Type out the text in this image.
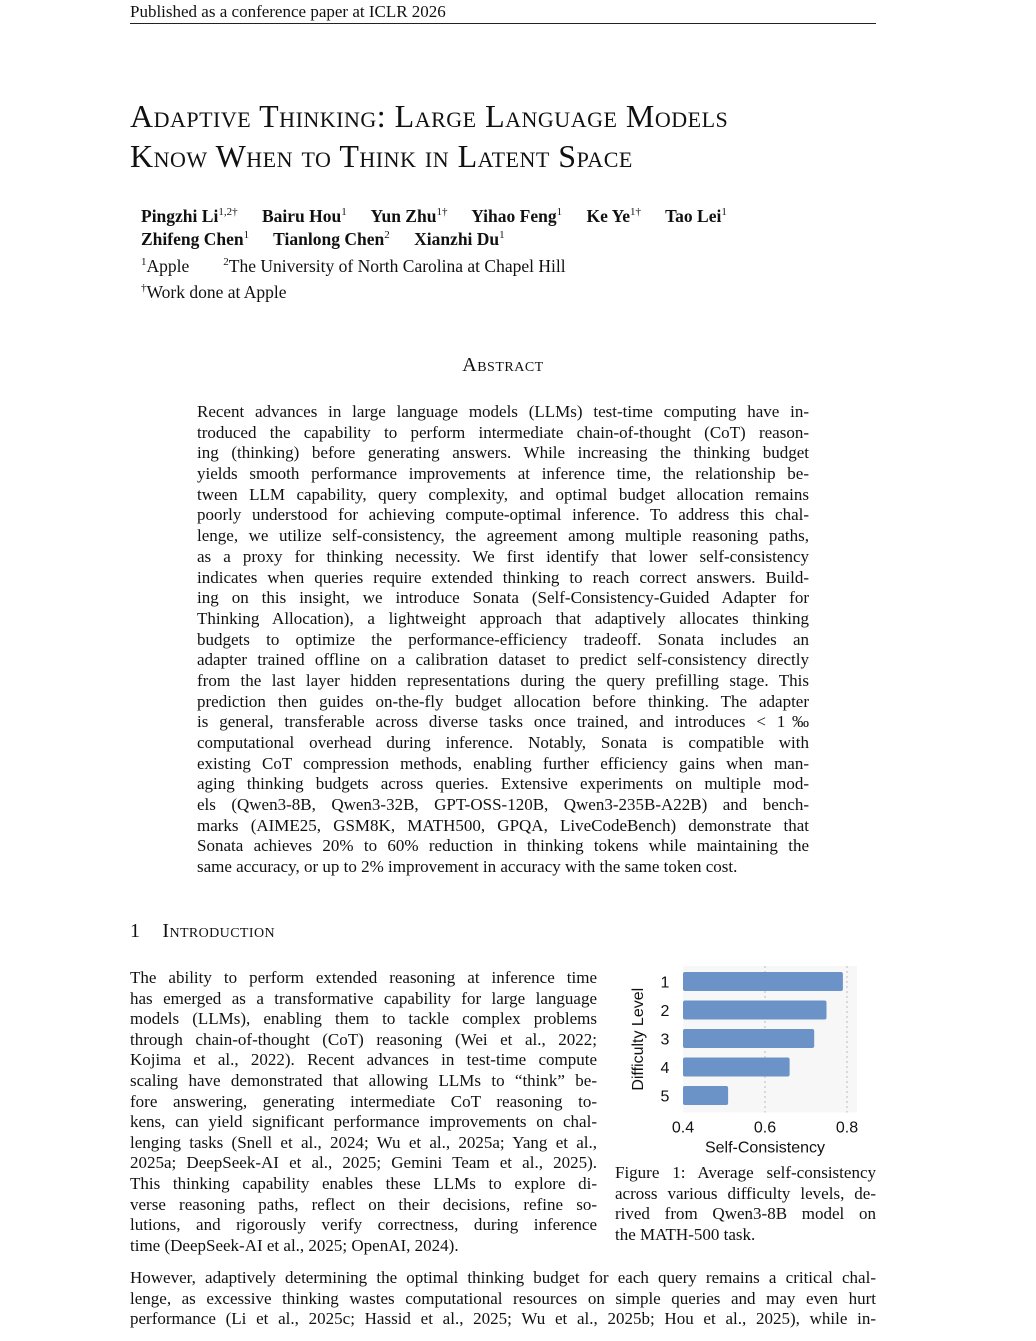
Published as a conference paper at ICLR 2026
Adaptive Thinking: Large Language Models
Know When to Think in Latent Space
Pingzhi $Li^{1,2\dagger}$ Bairu Hou$^1$ Yun Zhu$^{1\dagger}$ Yihao Feng$^1$ Ke $Ye^{1\dagger}$ Tao Lei$^1$
Zhifeng Chen$^1$ Tianlong Chen$^2$ Xianzhi Du$^1$
$^1$Apple	$^2$The University of North Carolina at Chapel Hill
†Work done at Apple
Abstract
Recent advances in large language models (LLMs) test-time computing have in-
troduced the capability to perform intermediate chain-of-thought (CoT) reason-
ing (thinking) before generating answers. While increasing the thinking budget
yields smooth performance improvements at inference time, the relationship be-
tween LLM capability, query complexity, and optimal budget allocation remains
poorly understood for achieving compute-optimal inference. To address this chal-
lenge, we utilize self-consistency, the agreement among multiple reasoning paths,
as a proxy for thinking necessity. We first identify that lower self-consistency
indicates when queries require extended thinking to reach correct answers. Build-
ing on this insight, we introduce Sonata (Self-Consistency-Guided Adapter for
Thinking Allocation), a lightweight approach that adaptively allocates thinking
budgets to optimize the performance-efficiency tradeoff. Sonata includes an
adapter trained offline on a calibration dataset to predict self-consistency directly
from the last layer hidden representations during the query prefilling stage. This
prediction then guides on-the-fly budget allocation before thinking. The adapter
is general, transferable across diverse tasks once trained, and introduces < 1‰
computational overhead during inference. Notably, Sonata is compatible with
existing CoT compression methods, enabling further efficiency gains when man-
aging thinking budgets across queries. Extensive experiments on multiple mod-
els (Qwen3-8B, Qwen3-32B, GPT-OSS-120B, Qwen3-235B-A22B) and bench-
marks (AIME25, GSM8K, MATH500, GPQA, LiveCodeBench) demonstrate that
Sonata achieves 20% to 60% reduction in thinking tokens while maintaining the
same accuracy, or up to 2% improvement in accuracy with the same token cost.
1 Introduction
The ability to perform extended reasoning at inference time
has emerged as a transformative capability for large language
models (LLMs), enabling them to tackle complex problems
through chain-of-thought (CoT) reasoning (Wei et al., 2022;
Kojima et al., 2022). Recent advances in test-time compute
scaling have demonstrated that allowing LLMs to “think” be-
fore answering, generating intermediate CoT reasoning to-
kens, can yield significant performance improvements on chal-
lenging tasks (Snell et al., 2024; Wu et al., 2025a; Yang et al.,
2025a; DeepSeek-AI et al., 2025; Gemini Team et al., 2025).
This thinking capability enables these LLMs to explore di-
verse reasoning paths, reflect on their decisions, refine so-
lutions, and rigorously verify correctness, during inference
time (DeepSeek-AI et al., 2025; OpenAI, 2024).
1
2
3
4
5
0.4	0.6	0.8
Self-Consistency
Difficulty Level
Figure 1: Average self-consistency
across various difficulty levels, de-
rived from Qwen3-8B model on
the MATH-500 task.
However, adaptively determining the optimal thinking budget for each query remains a critical chal-
lenge, as excessive thinking wastes computational resources on simple queries and may even hurt
performance (Li et al., 2025c; Hassid et al., 2025; Wu et al., 2025b; Hou et al., 2025), while in-
